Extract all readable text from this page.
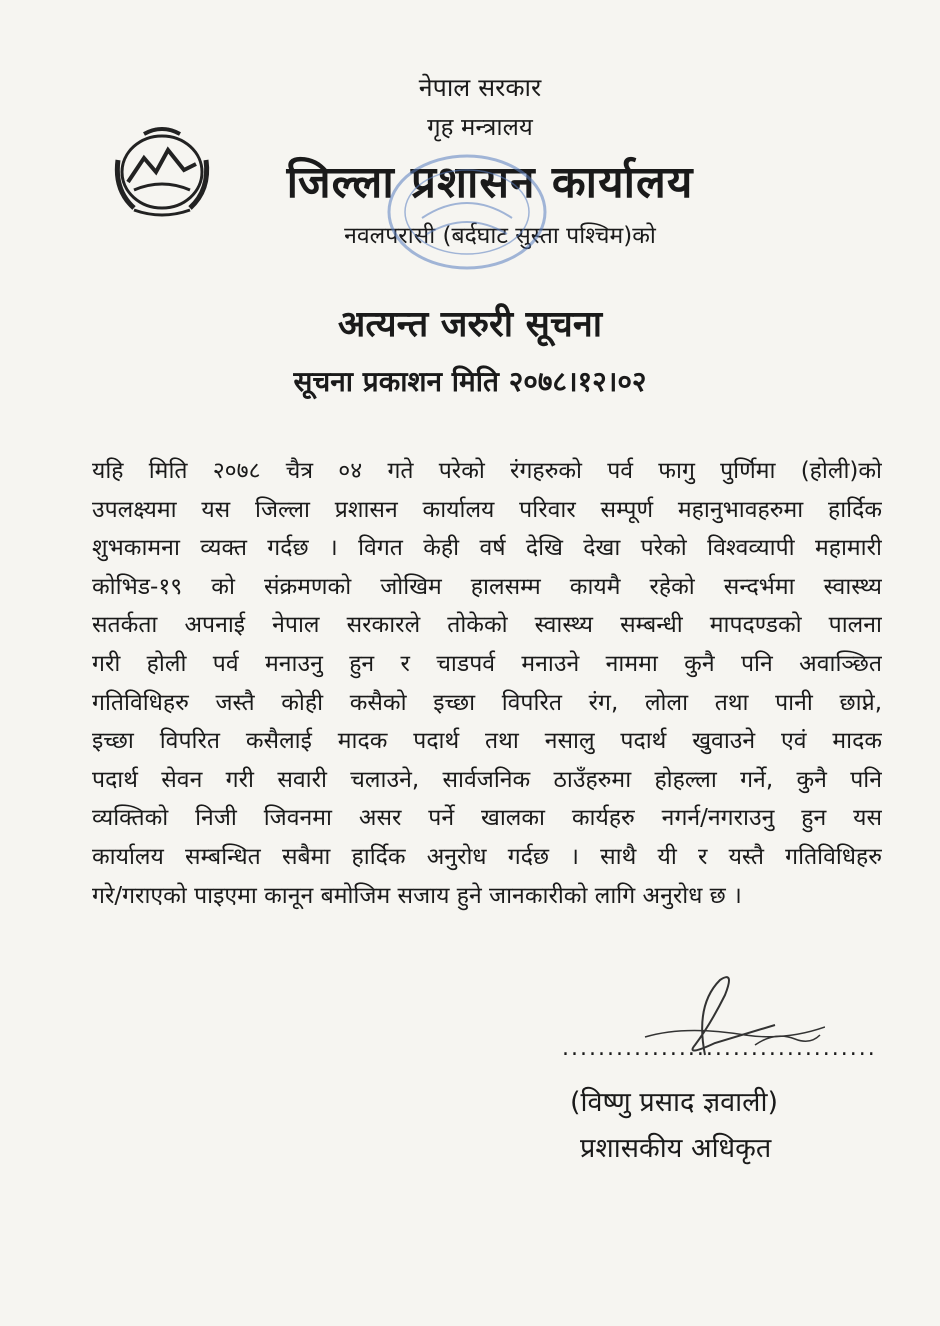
नेपाल सरकार
गृह मन्त्रालय
जिल्ला प्रशासन कार्यालय
नवलपरासी (बर्दघाट सुस्ता पश्चिम)को
अत्यन्त जरुरी सूचना
सूचना प्रकाशन मिति २०७८।१२।०२
यहि मिति २०७८ चैत्र ०४ गते परेको रंगहरुको पर्व फागु पुर्णिमा (होली)को
उपलक्ष्यमा यस जिल्ला प्रशासन कार्यालय परिवार सम्पूर्ण महानुभावहरुमा हार्दिक
शुभकामना व्यक्त गर्दछ । विगत केही वर्ष देखि देखा परेको विश्वव्यापी महामारी
कोभिड-१९ को संक्रमणको जोखिम हालसम्म कायमै रहेको सन्दर्भमा स्वास्थ्य
सतर्कता अपनाई नेपाल सरकारले तोकेको स्वास्थ्य सम्बन्धी मापदण्डको पालना
गरी होली पर्व मनाउनु हुन र चाडपर्व मनाउने नाममा कुनै पनि अवाञ्छित
गतिविधिहरु जस्तै कोही कसैको इच्छा विपरित रंग, लोला तथा पानी छाप्ने,
इच्छा विपरित कसैलाई मादक पदार्थ तथा नसालु पदार्थ खुवाउने एवं मादक
पदार्थ सेवन गरी सवारी चलाउने, सार्वजनिक ठाउँहरुमा होहल्ला गर्ने, कुनै पनि
व्यक्तिको निजी जिवनमा असर पर्ने खालका कार्यहरु नगर्न/नगराउनु हुन यस
कार्यालय सम्बन्धित सबैमा हार्दिक अनुरोध गर्दछ । साथै यी र यस्तै गतिविधिहरु
गरे/गराएको पाइएमा कानून बमोजिम सजाय हुने जानकारीको लागि अनुरोध छ ।
...................................
(विष्णु प्रसाद ज्ञवाली)
प्रशासकीय अधिकृत
